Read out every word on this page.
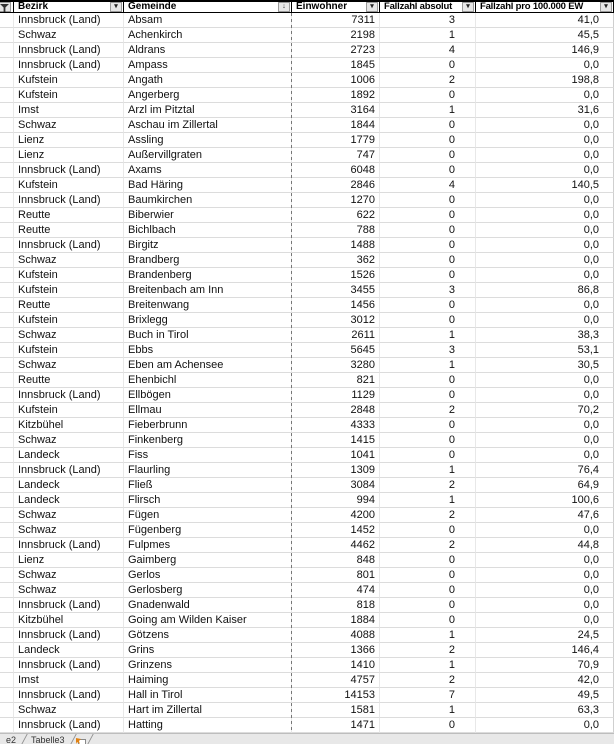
Bezirk	▾	Gemeinde	↓	Einwohner	▾	Fallzahl absolut	▾	Fallzahl pro 100.000 EW	▾
Innsbruck (Land)	Absam	7311	3	41,0
Schwaz	Achenkirch	2198	1	45,5
Innsbruck (Land)	Aldrans	2723	4	146,9
Innsbruck (Land)	Ampass	1845	0	0,0
Kufstein	Angath	1006	2	198,8
Kufstein	Angerberg	1892	0	0,0
Imst	Arzl im Pitztal	3164	1	31,6
Schwaz	Aschau im Zillertal	1844	0	0,0
Lienz	Assling	1779	0	0,0
Lienz	Außervillgraten	747	0	0,0
Innsbruck (Land)	Axams	6048	0	0,0
Kufstein	Bad Häring	2846	4	140,5
Innsbruck (Land)	Baumkirchen	1270	0	0,0
Reutte	Biberwier	622	0	0,0
Reutte	Bichlbach	788	0	0,0
Innsbruck (Land)	Birgitz	1488	0	0,0
Schwaz	Brandberg	362	0	0,0
Kufstein	Brandenberg	1526	0	0,0
Kufstein	Breitenbach am Inn	3455	3	86,8
Reutte	Breitenwang	1456	0	0,0
Kufstein	Brixlegg	3012	0	0,0
Schwaz	Buch in Tirol	2611	1	38,3
Kufstein	Ebbs	5645	3	53,1
Schwaz	Eben am Achensee	3280	1	30,5
Reutte	Ehenbichl	821	0	0,0
Innsbruck (Land)	Ellbögen	1129	0	0,0
Kufstein	Ellmau	2848	2	70,2
Kitzbühel	Fieberbrunn	4333	0	0,0
Schwaz	Finkenberg	1415	0	0,0
Landeck	Fiss	1041	0	0,0
Innsbruck (Land)	Flaurling	1309	1	76,4
Landeck	Fließ	3084	2	64,9
Landeck	Flirsch	994	1	100,6
Schwaz	Fügen	4200	2	47,6
Schwaz	Fügenberg	1452	0	0,0
Innsbruck (Land)	Fulpmes	4462	2	44,8
Lienz	Gaimberg	848	0	0,0
Schwaz	Gerlos	801	0	0,0
Schwaz	Gerlosberg	474	0	0,0
Innsbruck (Land)	Gnadenwald	818	0	0,0
Kitzbühel	Going am Wilden Kaiser	1884	0	0,0
Innsbruck (Land)	Götzens	4088	1	24,5
Landeck	Grins	1366	2	146,4
Innsbruck (Land)	Grinzens	1410	1	70,9
Imst	Haiming	4757	2	42,0
Innsbruck (Land)	Hall in Tirol	14153	7	49,5
Schwaz	Hart im Zillertal	1581	1	63,3
Innsbruck (Land)	Hatting	1471	0	0,0
e2	Tabelle3
